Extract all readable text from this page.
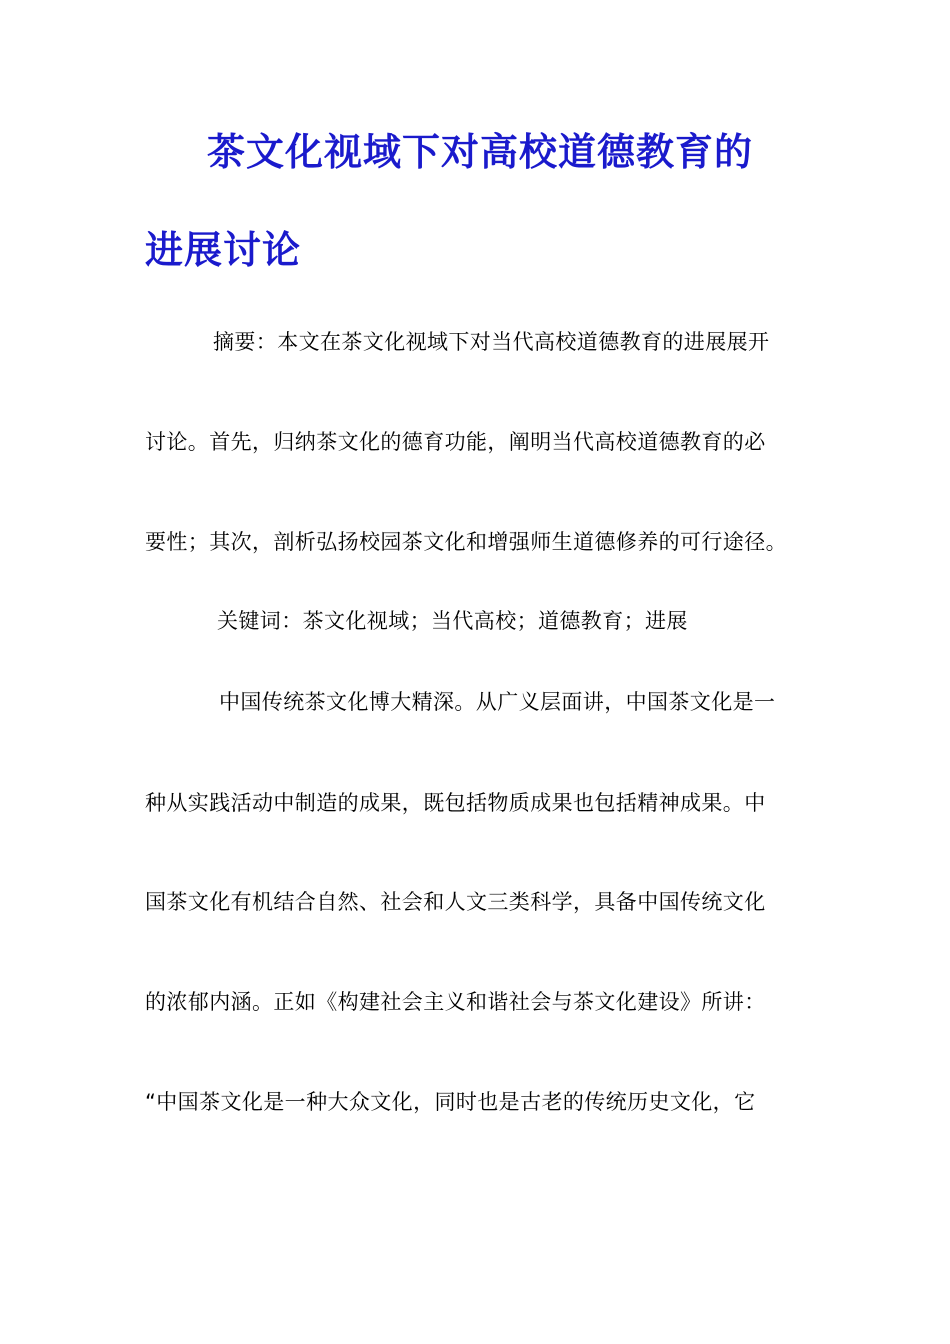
茶文化视域下对高校道德教育的
进展讨论
摘要：本文在茶文化视域下对当代高校道德教育的进展展开
讨论。首先，归纳茶文化的德育功能，阐明当代高校道德教育的必
要性；其次，剖析弘扬校园茶文化和增强师生道德修养的可行途径。
关键词：茶文化视域；当代高校；道德教育；进展
中国传统茶文化博大精深。从广义层面讲，中国茶文化是一
种从实践活动中制造的成果，既包括物质成果也包括精神成果。中
国茶文化有机结合自然、社会和人文三类科学，具备中国传统文化
的浓郁内涵。正如《构建社会主义和谐社会与茶文化建设》所讲：
“中国茶文化是一种大众文化，同时也是古老的传统历史文化，它
